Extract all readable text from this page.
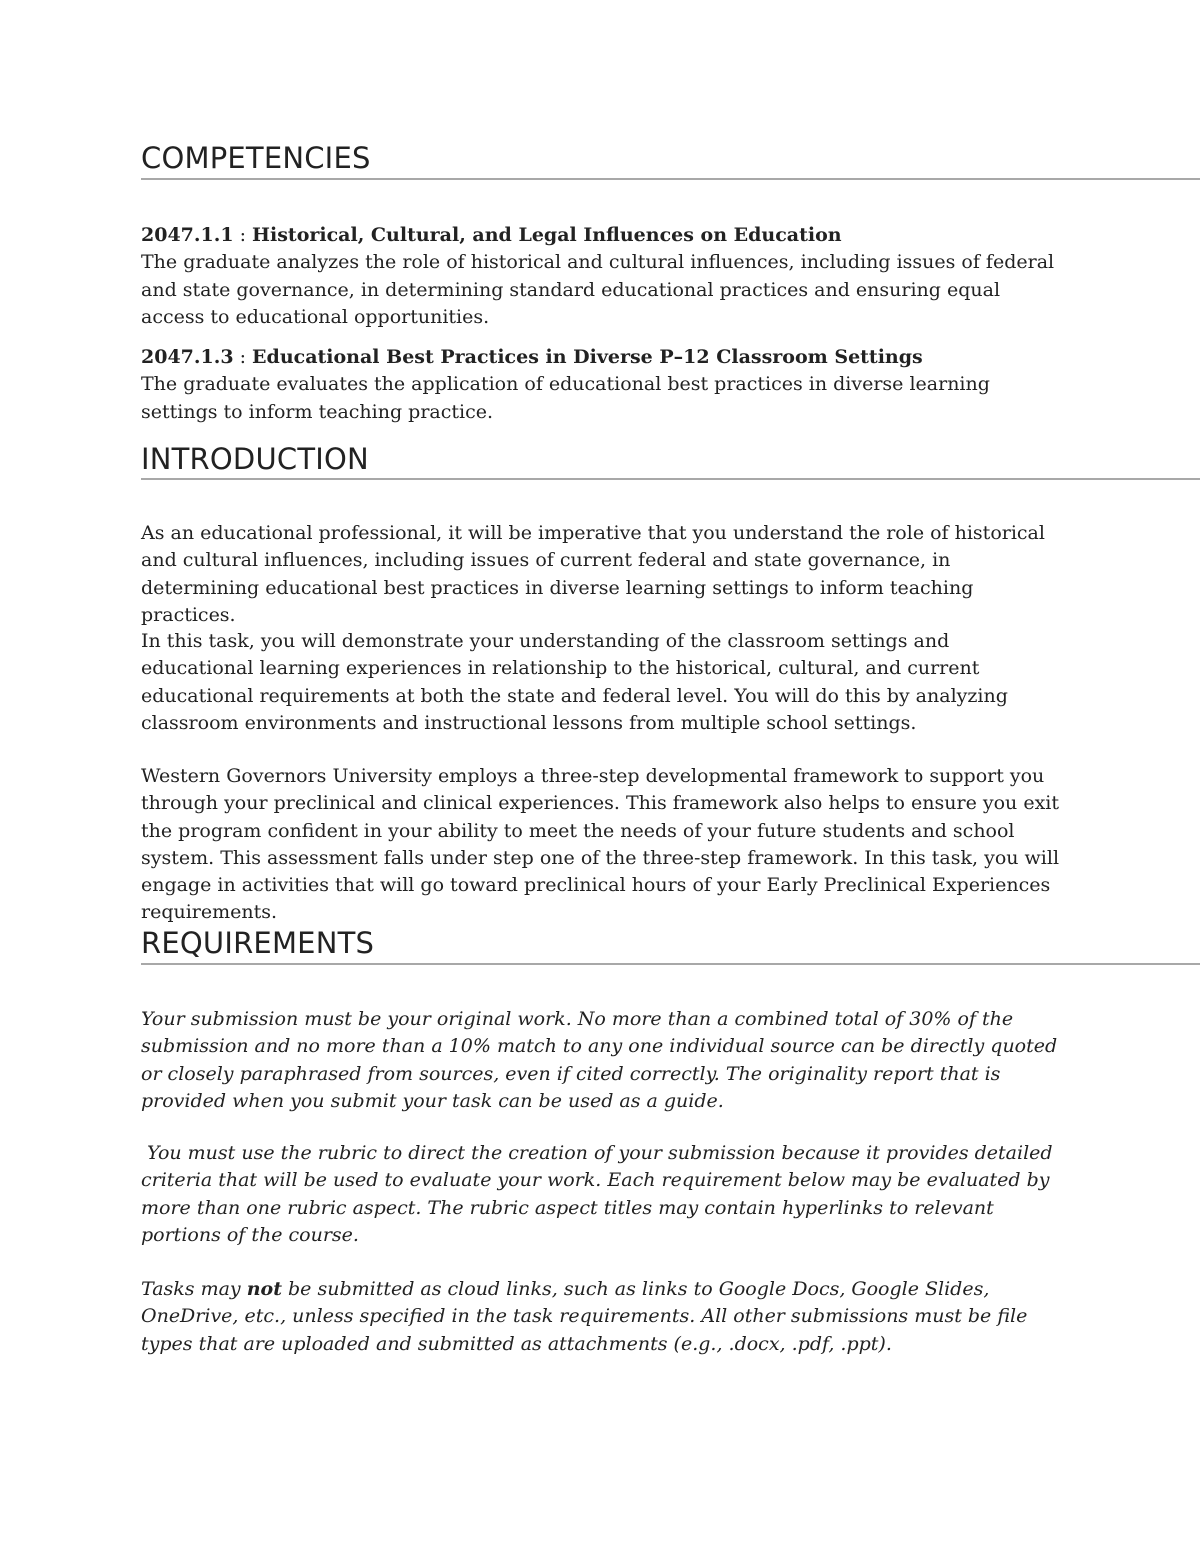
COMPETENCIES
2047.1.1 : Historical, Cultural, and Legal Influences on Education
The graduate analyzes the role of historical and cultural influences, including issues of federal and state governance, in determining standard educational practices and ensuring equal access to educational opportunities.
2047.1.3 : Educational Best Practices in Diverse P–12 Classroom Settings
The graduate evaluates the application of educational best practices in diverse learning settings to inform teaching practice.
INTRODUCTION

As an educational professional, it will be imperative that you understand the role of historical and cultural influences, including issues of current federal and state governance, in determining educational best practices in diverse learning settings to inform teaching practices.

In this task, you will demonstrate your understanding of the classroom settings and educational learning experiences in relationship to the historical, cultural, and current educational requirements at both the state and federal level. You will do this by analyzing classroom environments and instructional lessons from multiple school settings.

Western Governors University employs a three-step developmental framework to support you through your preclinical and clinical experiences. This framework also helps to ensure you exit the program confident in your ability to meet the needs of your future students and school system. This assessment falls under step one of the three-step framework. In this task, you will engage in activities that will go toward preclinical hours of your Early Preclinical Experiences requirements.

REQUIREMENTS

Your submission must be your original work. No more than a combined total of 30% of the submission and no more than a 10% match to any one individual source can be directly quoted or closely paraphrased from sources, even if cited correctly. The originality report that is provided when you submit your task can be used as a guide.

You must use the rubric to direct the creation of your submission because it provides detailed criteria that will be used to evaluate your work. Each requirement below may be evaluated by more than one rubric aspect. The rubric aspect titles may contain hyperlinks to relevant portions of the course.

Tasks may not be submitted as cloud links, such as links to Google Docs, Google Slides, OneDrive, etc., unless specified in the task requirements. All other submissions must be file types that are uploaded and submitted as attachments (e.g., .docx, .pdf, .ppt).
